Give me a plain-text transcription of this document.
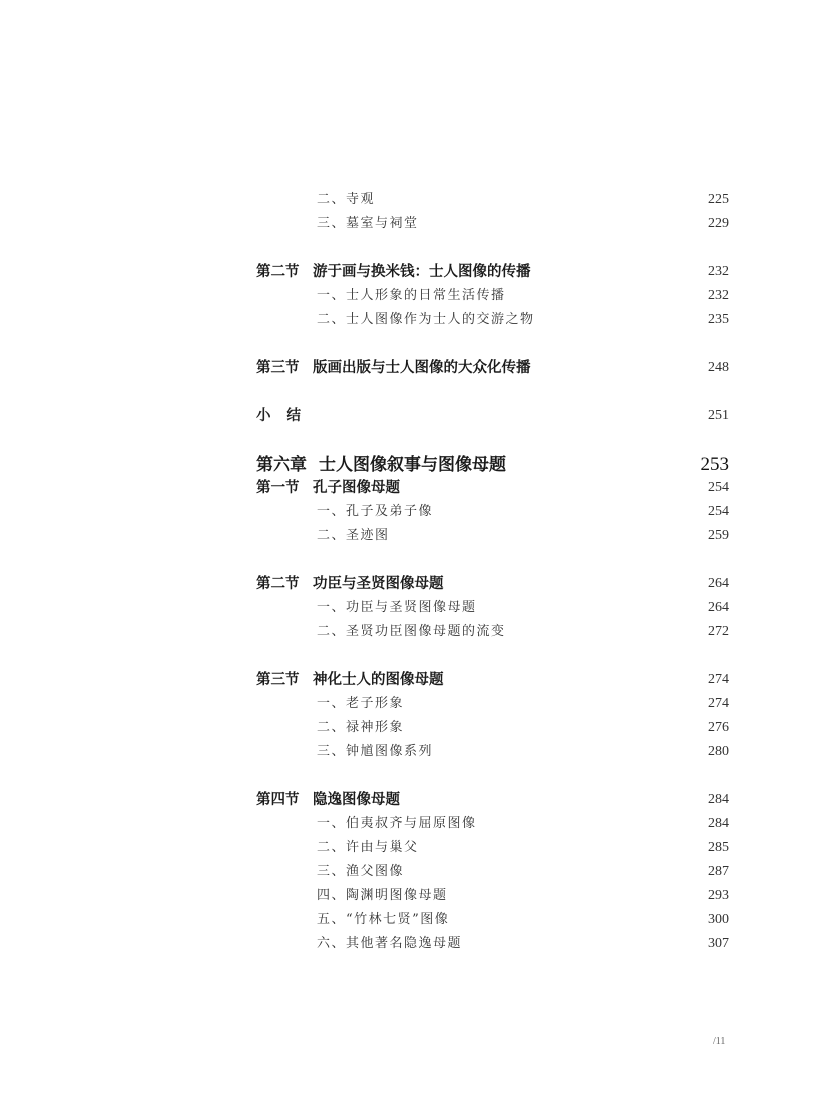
二、寺观	225
三、墓室与祠堂	229
第二节 游于画与换米钱：士人图像的传播	232
一、士人形象的日常生活传播	232
二、士人图像作为士人的交游之物	235
第三节 版画出版与士人图像的大众化传播	248
小结	251
第六章 士人图像叙事与图像母题	253
第一节 孔子图像母题	254
一、孔子及弟子像	254
二、圣迹图	259
第二节 功臣与圣贤图像母题	264
一、功臣与圣贤图像母题	264
二、圣贤功臣图像母题的流变	272
第三节 神化士人的图像母题	274
一、老子形象	274
二、禄神形象	276
三、钟馗图像系列	280
第四节 隐逸图像母题	284
一、伯夷叔齐与屈原图像	284
二、许由与巢父	285
三、渔父图像	287
四、陶渊明图像母题	293
五、“竹林七贤”图像	300
六、其他著名隐逸母题	307
/11
